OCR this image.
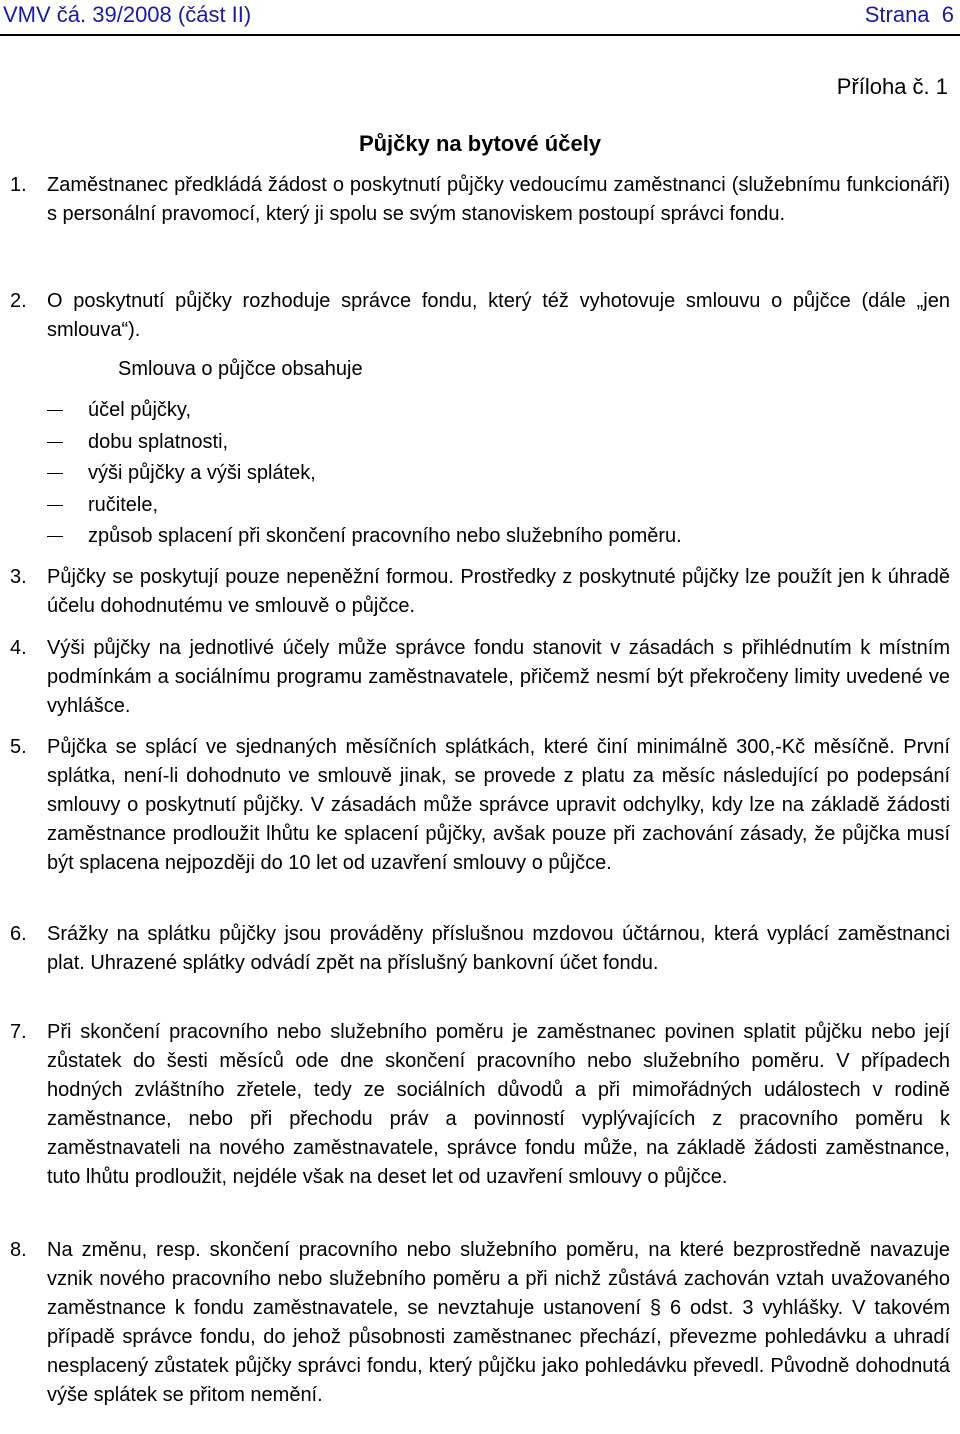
VMV čá. 39/2008 (část II)	Strana  6
Příloha č. 1
Půjčky na bytové účely
1. Zaměstnanec předkládá žádost o poskytnutí půjčky vedoucímu zaměstnanci (služebnímu funkcionáři) s personální pravomocí, který ji spolu se svým stanoviskem postoupí správci fondu.
2. O poskytnutí půjčky rozhoduje správce fondu, který též vyhotovuje smlouvu o půjčce (dále „jen smlouva“).
Smlouva o půjčce obsahuje
účel půjčky,
dobu splatnosti,
výši půjčky a výši splátek,
ručitele,
způsob splacení při skončení pracovního nebo služebního poměru.
3. Půjčky se poskytují pouze nepeněžní formou. Prostředky z poskytnuté půjčky lze použít jen k úhradě účelu dohodnutému ve smlouvě o půjčce.
4. Výši půjčky na jednotlivé účely může správce fondu stanovit v zásadách s přihlédnutím k místním podmínkám a sociálnímu programu zaměstnavatele, přičemž nesmí být překročeny limity uvedené ve vyhlášce.
5. Půjčka se splácí ve sjednaných měsíčních splátkách, které činí minimálně 300,-Kč měsíčně. První splátka, není-li dohodnuto ve smlouvě jinak, se provede z platu za měsíc následující po podepsání smlouvy o poskytnutí půjčky. V zásadách může správce upravit odchylky, kdy lze na základě žádosti zaměstnance prodloužit lhůtu ke splacení půjčky, avšak pouze při zachování zásady, že půjčka musí být splacena nejpozději do 10 let od uzavření smlouvy o půjčce.
6. Srážky na splátku půjčky jsou prováděny příslušnou mzdovou účtárnou, která vyplácí zaměstnanci plat. Uhrazené splátky odvádí zpět na příslušný bankovní účet fondu.
7. Při skončení pracovního nebo služebního poměru je zaměstnanec povinen splatit půjčku nebo její zůstatek do šesti měsíců ode dne skončení pracovního nebo služebního poměru. V případech hodných zvláštního zřetele, tedy ze sociálních důvodů a při mimořádných událostech v rodině zaměstnance, nebo při přechodu práv a povinností vyplývajících z pracovního poměru k zaměstnavateli na nového zaměstnavatele, správce fondu může, na základě žádosti zaměstnance, tuto lhůtu prodloužit, nejdéle však na deset let od uzavření smlouvy o půjčce.
8. Na změnu, resp. skončení pracovního nebo služebního poměru, na které bezprostředně navazuje vznik nového pracovního nebo služebního poměru a při nichž zůstává zachován vztah uvažovaného zaměstnance k fondu zaměstnavatele, se nevztahuje ustanovení § 6 odst. 3 vyhlášky. V takovém případě správce fondu, do jehož působnosti zaměstnanec přechází, převezme pohledávku a uhradí nesplacený zůstatek půjčky správci fondu, který půjčku jako pohledávku převedl. Původně dohodnutá výše splátek se přitom nemění.
